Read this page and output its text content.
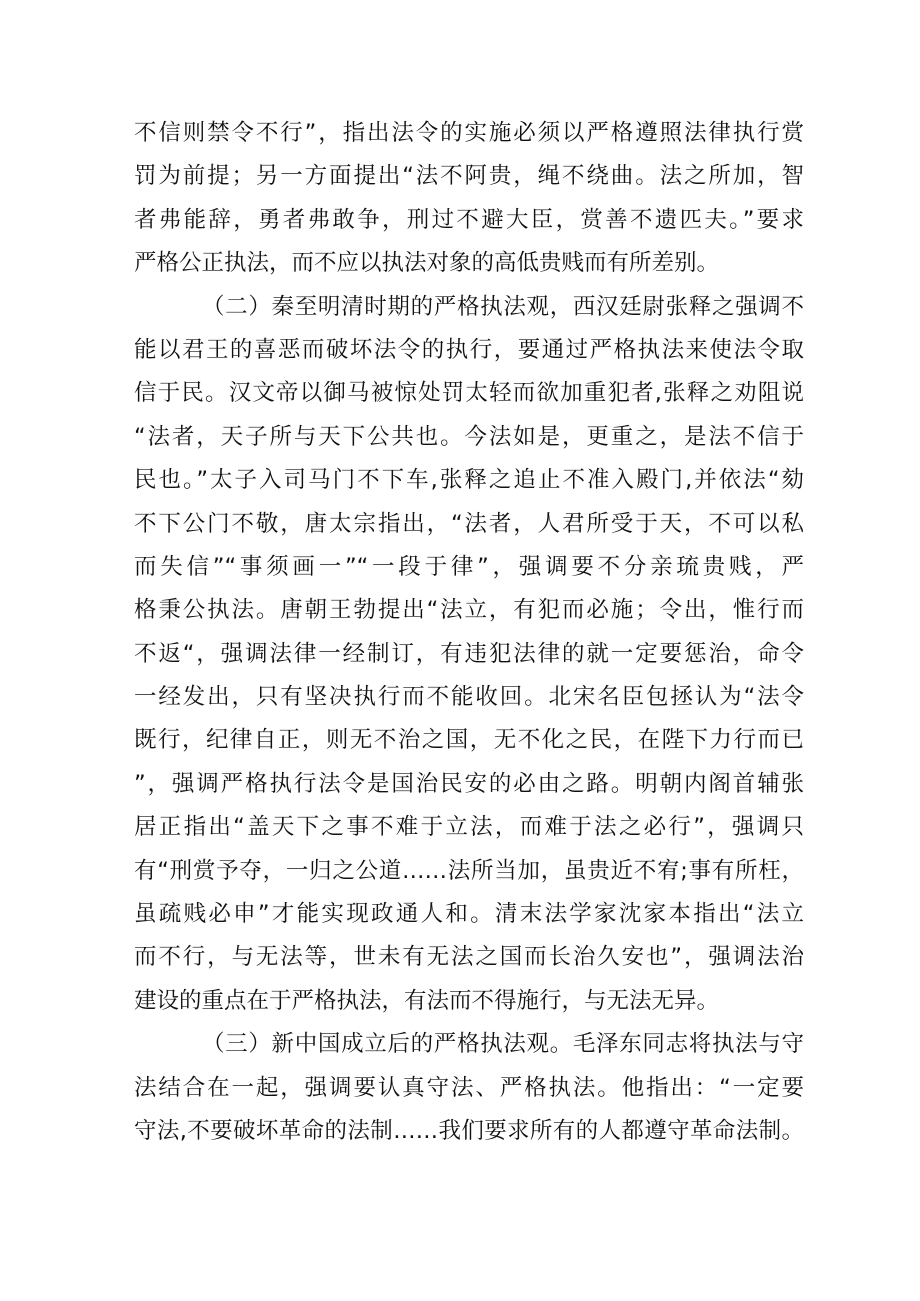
不信则禁令不行”，指出法令的实施必须以严格遵照法律执行赏
罚为前提；另一方面提出“法不阿贵，绳不绕曲。法之所加，智
者弗能辞，勇者弗敢争，刑过不避大臣，赏善不遗匹夫。”要求
严格公正执法，而不应以执法对象的高低贵贱而有所差别。
（二）秦至明清时期的严格执法观，西汉廷尉张释之强调不
能以君王的喜恶而破坏法令的执行，要通过严格执法来使法令取
信于民。汉文帝以御马被惊处罚太轻而欲加重犯者,张释之劝阻说
“法者，天子所与天下公共也。今法如是，更重之，是法不信于
民也。”太子入司马门不下车,张释之追止不准入殿门,并依法“劾
不下公门不敬，唐太宗指出，“法者，人君所受于天，不可以私
而失信”“事须画一”“一段于律”，强调要不分亲琉贵贱，严
格秉公执法。唐朝王勃提出“法立，有犯而必施；令出，惟行而
不返“，强调法律一经制订，有违犯法律的就一定要惩治，命令
一经发出，只有坚决执行而不能收回。北宋名臣包拯认为“法令
既行，纪律自正，则无不治之国，无不化之民，在陛下力行而已
”，强调严格执行法令是国治民安的必由之路。明朝内阁首辅张
居正指出“盖天下之事不难于立法，而难于法之必行”，强调只
有“刑赏予夺，一归之公道……法所当加，虽贵近不宥;事有所枉，
虽疏贱必申”才能实现政通人和。清末法学家沈家本指出“法立
而不行，与无法等，世未有无法之国而长治久安也”，强调法治
建设的重点在于严格执法，有法而不得施行，与无法无异。
（三）新中国成立后的严格执法观。毛泽东同志将执法与守
法结合在一起，强调要认真守法、严格执法。他指出：“一定要
守法,不要破坏革命的法制……我们要求所有的人都遵守革命法制。
